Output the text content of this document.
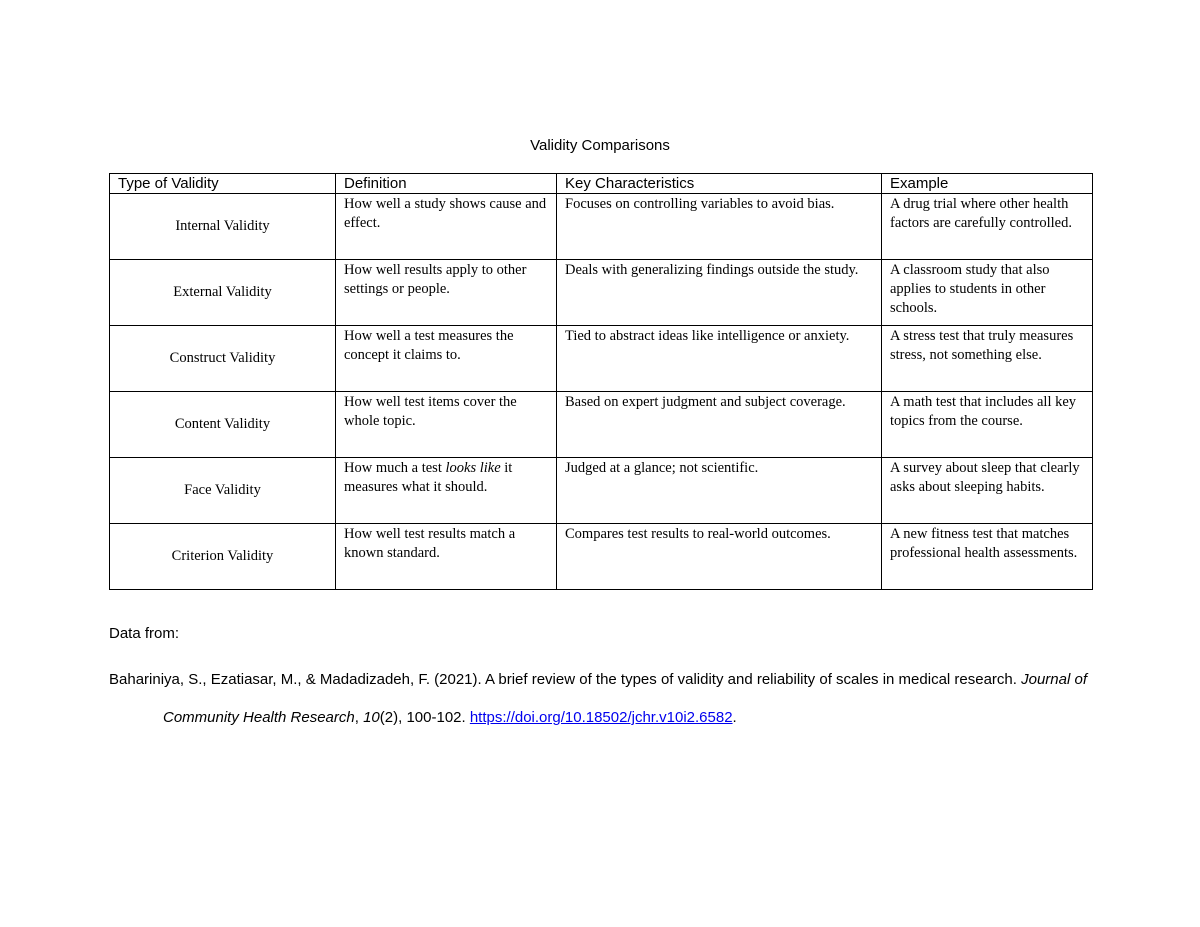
Validity Comparisons
Type of Validity	Definition	Key Characteristics	Example
Internal Validity	How well a study shows cause and effect.	Focuses on controlling variables to avoid bias.	A drug trial where other health factors are carefully controlled.
External Validity	How well results apply to other settings or people.	Deals with generalizing findings outside the study.	A classroom study that also applies to students in other schools.
Construct Validity	How well a test measures the concept it claims to.	Tied to abstract ideas like intelligence or anxiety.	A stress test that truly measures stress, not something else.
Content Validity	How well test items cover the whole topic.	Based on expert judgment and subject coverage.	A math test that includes all key topics from the course.
Face Validity	How much a test looks like it measures what it should.	Judged at a glance; not scientific.	A survey about sleep that clearly asks about sleeping habits.
Criterion Validity	How well test results match a known standard.	Compares test results to real-world outcomes.	A new fitness test that matches professional health assessments.
Data from:
Bahariniya, S., Ezatiasar, M., & Madadizadeh, F. (2021). A brief review of the types of validity and reliability of scales in medical research. Journal of Community Health Research, 10(2), 100-102. https://doi.org/10.18502/jchr.v10i2.6582.
